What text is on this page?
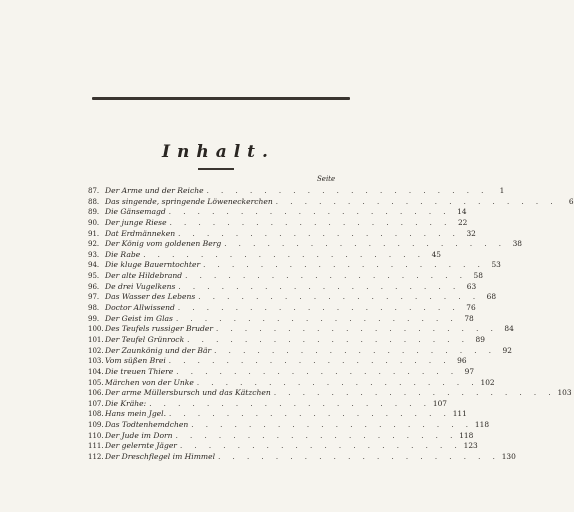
Inhalt.
Seite
87. Der Arme und der Reiche . . . . . . . . . . . . . . . . . . . .	1
88. Das singende, springende Löweneckerchen . . . . . . . . . . . . . . . . . . . .	6
89. Die Gänsemagd . . . . . . . . . . . . . . . . . . . . 14
90. Der junge Riese . . . . . . . . . . . . . . . . . . . . 22
91. Dat Erdmänneken . . . . . . . . . . . . . . . . . . . . 32
92. Der König vom goldenen Berg . . . . . . . . . . . . . . . . . . . . 38
93. Die Rabe . . . . . . . . . . . . . . . . . . . . 45
94. Die kluge Bauerntochter . . . . . . . . . . . . . . . . . . . . 53
95. Der alte Hildebrand . . . . . . . . . . . . . . . . . . . . 58
96. De drei Vugelkens . . . . . . . . . . . . . . . . . . . . 63
97. Das Wasser des Lebens . . . . . . . . . . . . . . . . . . . . 68
98. Doctor Allwissend . . . . . . . . . . . . . . . . . . . . 76
99. Der Geist im Glas . . . . . . . . . . . . . . . . . . . . 78
100. Des Teufels russiger Bruder . . . . . . . . . . . . . . . . . . . . 84
101. Der Teufel Grünrock . . . . . . . . . . . . . . . . . . . . 89
102. Der Zaunkönig und der Bär . . . . . . . . . . . . . . . . . . . . 92
103. Vom süßen Brei . . . . . . . . . . . . . . . . . . . . 96
104. Die treuen Thiere . . . . . . . . . . . . . . . . . . . . 97
105. Märchen von der Unke . . . . . . . . . . . . . . . . . . . . 102
106. Der arme Müllersbursch und das Kätzchen . . . . . . . . . . . . . . . . . . . . 103
107. Die Krähe: . . . . . . . . . . . . . . . . . . . . 107
108. Hans mein Jgel. . . . . . . . . . . . . . . . . . . . . 111
109. Das Todtenhemdchen . . . . . . . . . . . . . . . . . . . . 118
110. Der Jude im Dorn . . . . . . . . . . . . . . . . . . . . 118
111. Der gelernte Jäger . . . . . . . . . . . . . . . . . . . . 123
112. Der Dreschflegel im Himmel . . . . . . . . . . . . . . . . . . . . 130
